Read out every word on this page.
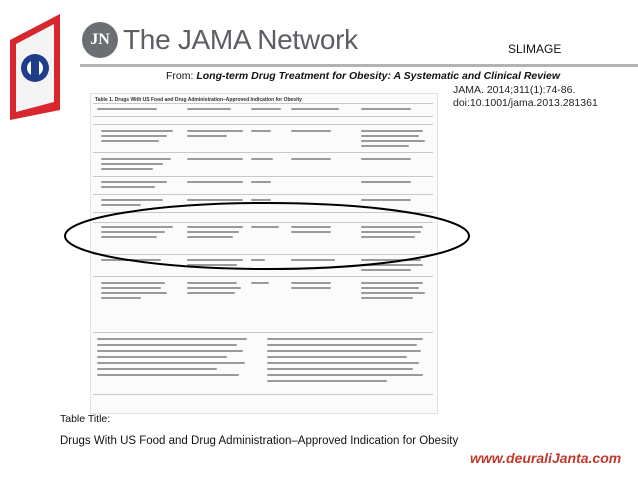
JN The JAMA Network	SLIMAGE
From: Long-term Drug Treatment for Obesity: A Systematic and Clinical Review
JAMA. 2014;311(1):74-86.
doi:10.1001/jama.2013.281361
Table 1. Drugs With US Food and Drug Administration–Approved Indication for Obesity
Table Title:
Drugs With US Food and Drug Administration–Approved Indication for Obesity
www.deuraliJanta.com
